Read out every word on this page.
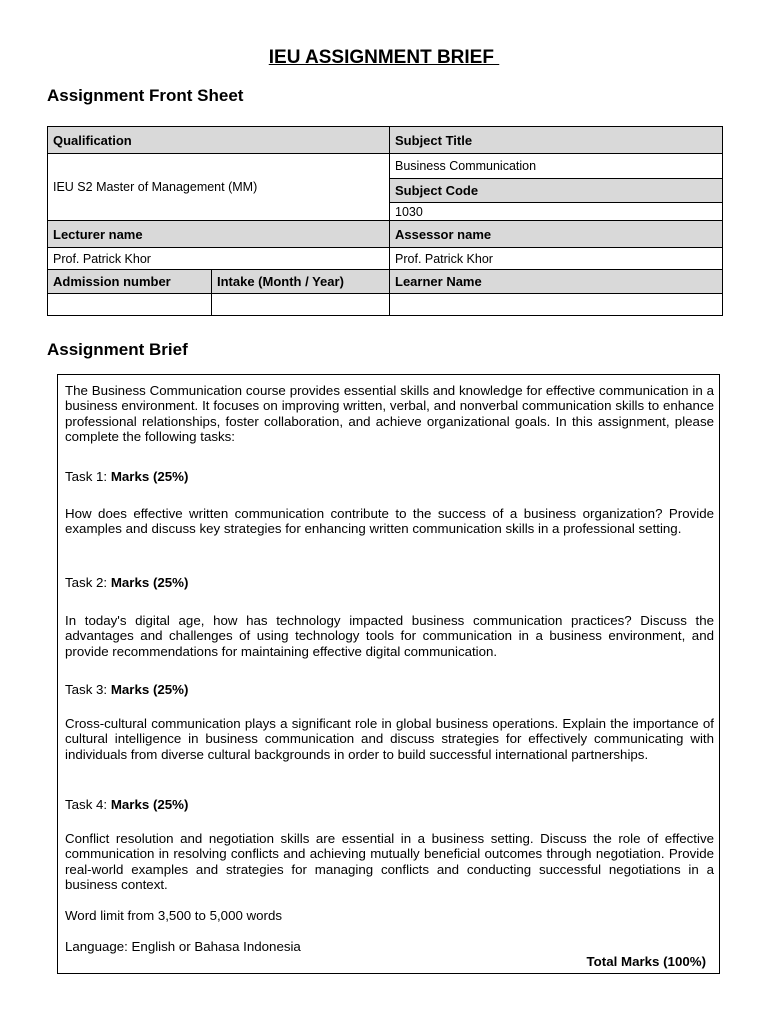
IEU ASSIGNMENT BRIEF
Assignment Front Sheet
Qualification		Subject Title
IEU S2 Master of Management (MM)		Business Communication
		Subject Code
		1030
Lecturer name		Assessor name
Prof. Patrick Khor		Prof. Patrick Khor
Admission number	Intake (Month / Year)	Learner Name

Assignment Brief
The Business Communication course provides essential skills and knowledge for effective communication in a business environment. It focuses on improving written, verbal, and nonverbal communication skills to enhance professional relationships, foster collaboration, and achieve organizational goals. In this assignment, please complete the following tasks:
Task 1: Marks (25%)
How does effective written communication contribute to the success of a business organization? Provide examples and discuss key strategies for enhancing written communication skills in a professional setting.
Task 2: Marks (25%)
In today's digital age, how has technology impacted business communication practices? Discuss the advantages and challenges of using technology tools for communication in a business environment, and provide recommendations for maintaining effective digital communication.
Task 3: Marks (25%)
Cross-cultural communication plays a significant role in global business operations. Explain the importance of cultural intelligence in business communication and discuss strategies for effectively communicating with individuals from diverse cultural backgrounds in order to build successful international partnerships.
Task 4: Marks (25%)
Conflict resolution and negotiation skills are essential in a business setting. Discuss the role of effective communication in resolving conflicts and achieving mutually beneficial outcomes through negotiation. Provide real-world examples and strategies for managing conflicts and conducting successful negotiations in a business context.
Word limit from 3,500 to 5,000 words
Language: English or Bahasa Indonesia
Total Marks (100%)
